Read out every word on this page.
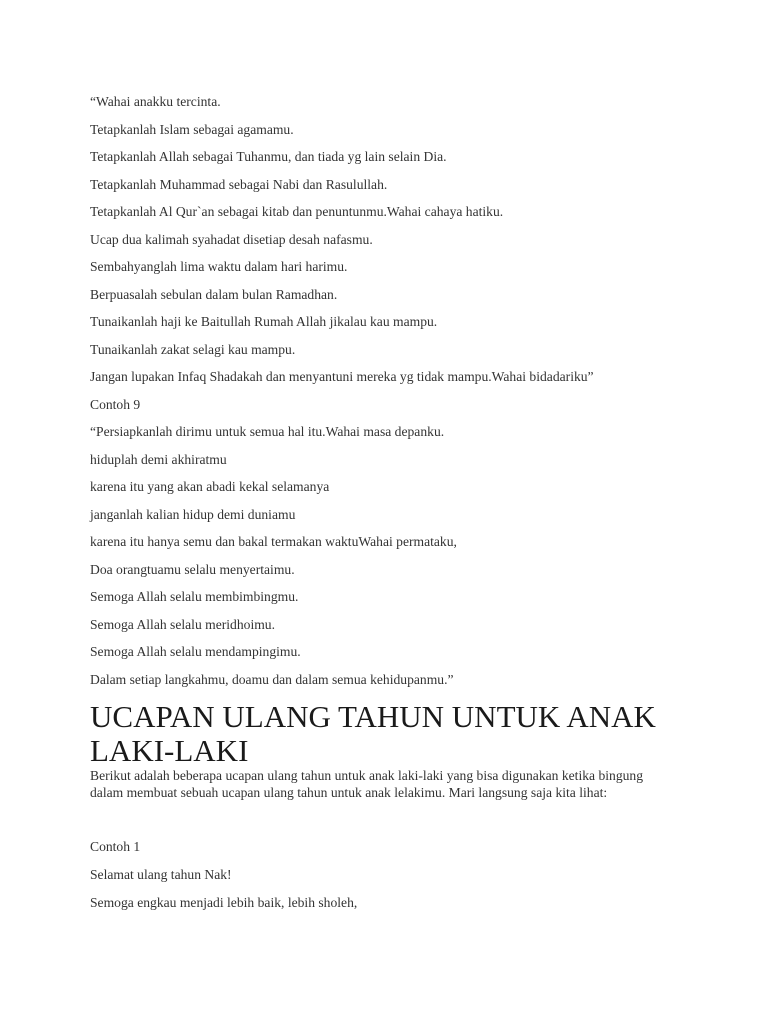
“Wahai anakku tercinta.
Tetapkanlah Islam sebagai agamamu.
Tetapkanlah Allah sebagai Tuhanmu, dan tiada yg lain selain Dia.
Tetapkanlah Muhammad sebagai Nabi dan Rasulullah.
Tetapkanlah Al Qur`an sebagai kitab dan penuntunmu.Wahai cahaya hatiku.
Ucap dua kalimah syahadat disetiap desah nafasmu.
Sembahyanglah lima waktu dalam hari harimu.
Berpuasalah sebulan dalam bulan Ramadhan.
Tunaikanlah haji ke Baitullah Rumah Allah jikalau kau mampu.
Tunaikanlah zakat selagi kau mampu.
Jangan lupakan Infaq Shadakah dan menyantuni mereka yg tidak mampu.Wahai bidadariku”
Contoh 9
“Persiapkanlah dirimu untuk semua hal itu.Wahai masa depanku.
hiduplah demi akhiratmu
karena itu yang akan abadi kekal selamanya
janganlah kalian hidup demi duniamu
karena itu hanya semu dan bakal termakan waktuWahai permataku,
Doa orangtuamu selalu menyertaimu.
Semoga Allah selalu membimbingmu.
Semoga Allah selalu meridhoimu.
Semoga Allah selalu mendampingimu.
Dalam setiap langkahmu, doamu dan dalam semua kehidupanmu.”
UCAPAN ULANG TAHUN UNTUK ANAK LAKI-LAKI
Berikut adalah beberapa ucapan ulang tahun untuk anak laki-laki yang bisa digunakan ketika bingung dalam membuat sebuah ucapan ulang tahun untuk anak lelakimu. Mari langsung saja kita lihat:
Contoh 1
Selamat ulang tahun Nak!
Semoga engkau menjadi lebih baik, lebih sholeh,
